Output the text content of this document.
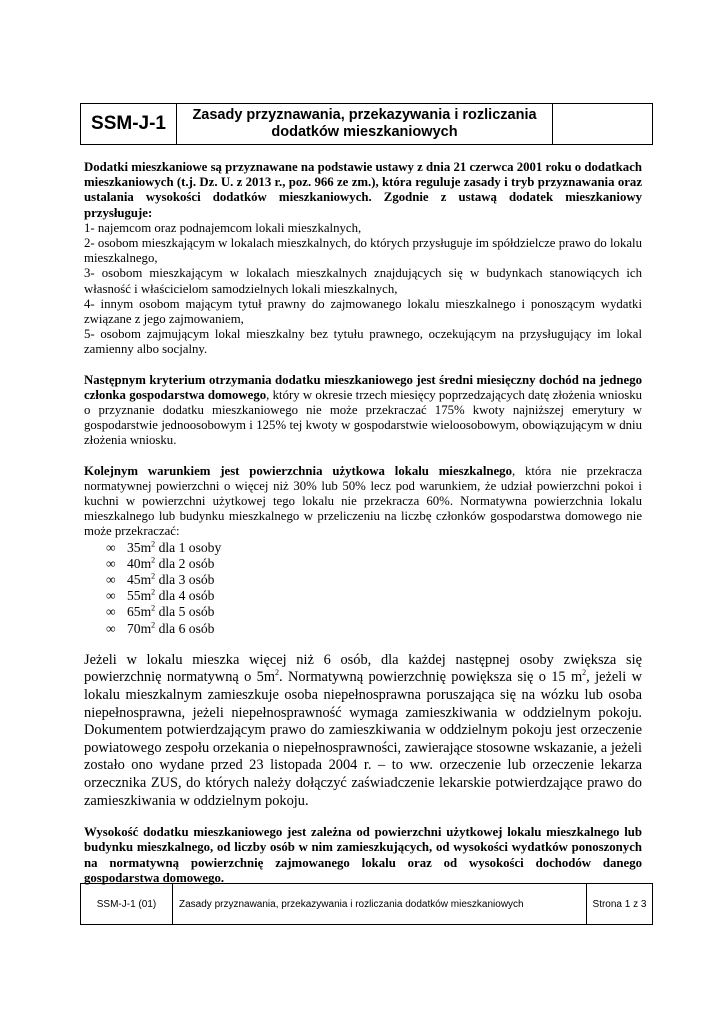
SSM-J-1	Zasady przyznawania, przekazywania i rozliczania
dodatków mieszkaniowych

Dodatki mieszkaniowe są przyznawane na podstawie ustawy z dnia 21 czerwca 2001 roku o dodatkach mieszkaniowych (t.j. Dz. U. z 2013 r., poz. 966 ze zm.), która reguluje zasady i tryb przyznawania oraz ustalania wysokości dodatków mieszkaniowych. Zgodnie z ustawą dodatek mieszkaniowy przysługuje:

1- najemcom oraz podnajemcom lokali mieszkalnych,

2- osobom mieszkającym w lokalach mieszkalnych, do których przysługuje im spółdzielcze prawo do lokalu mieszkalnego,

3- osobom mieszkającym w lokalach mieszkalnych znajdujących się w budynkach stanowiących ich własność i właścicielom samodzielnych lokali mieszkalnych,

4- innym osobom mającym tytuł prawny do zajmowanego lokalu mieszkalnego i ponoszącym wydatki związane z jego zajmowaniem,

5- osobom zajmującym lokal mieszkalny bez tytułu prawnego, oczekującym na przysługujący im lokal zamienny albo socjalny.

Następnym kryterium otrzymania dodatku mieszkaniowego jest średni miesięczny dochód na jednego członka gospodarstwa domowego, który w okresie trzech miesięcy poprzedzających datę złożenia wniosku o przyznanie dodatku mieszkaniowego nie może przekraczać 175% kwoty najniższej emerytury w gospodarstwie jednoosobowym i 125% tej kwoty w gospodarstwie wieloosobowym, obowiązującym w dniu złożenia wniosku.

Kolejnym warunkiem jest powierzchnia użytkowa lokalu mieszkalnego, która nie przekracza normatywnej powierzchni o więcej niż 30% lub 50% lecz pod warunkiem, że udział powierzchni pokoi i kuchni w powierzchni użytkowej tego lokalu nie przekracza 60%. Normatywna powierzchnia lokalu mieszkalnego lub budynku mieszkalnego w przeliczeniu na liczbę członków gospodarstwa domowego nie może przekraczać:

∞ $35m^2$ dla 1 osoby
∞ $40m^2$ dla 2 osób
∞ $45m^2$ dla 3 osób
∞ $55m^2$ dla 4 osób
∞ $65m^2$ dla 5 osób
∞ $70m^2$ dla 6 osób

Jeżeli w lokalu mieszka więcej niż 6 osób, dla każdej następnej osoby zwiększa się powierzchnię normatywną o $5m^2$. Normatywną powierzchnię powiększa się o 15 $m^2$, jeżeli w lokalu mieszkalnym zamieszkuje osoba niepełnosprawna poruszająca się na wózku lub osoba niepełnosprawna, jeżeli niepełnosprawność wymaga zamieszkiwania w oddzielnym pokoju. Dokumentem potwierdzającym prawo do zamieszkiwania w oddzielnym pokoju jest orzeczenie powiatowego zespołu orzekania o niepełnosprawności, zawierające stosowne wskazanie, a jeżeli zostało ono wydane przed 23 listopada 2004 r. – to ww. orzeczenie lub orzeczenie lekarza orzecznika ZUS, do których należy dołączyć zaświadczenie lekarskie potwierdzające prawo do zamieszkiwania w oddzielnym pokoju.

Wysokość dodatku mieszkaniowego jest zależna od powierzchni użytkowej lokalu mieszkalnego lub budynku mieszkalnego, od liczby osób w nim zamieszkujących, od wysokości wydatków ponoszonych na normatywną powierzchnię zajmowanego lokalu oraz od wysokości dochodów danego gospodarstwa domowego.

SSM-J-1 (01)	Zasady przyznawania, przekazywania i rozliczania dodatków mieszkaniowych	Strona 1 z 3
